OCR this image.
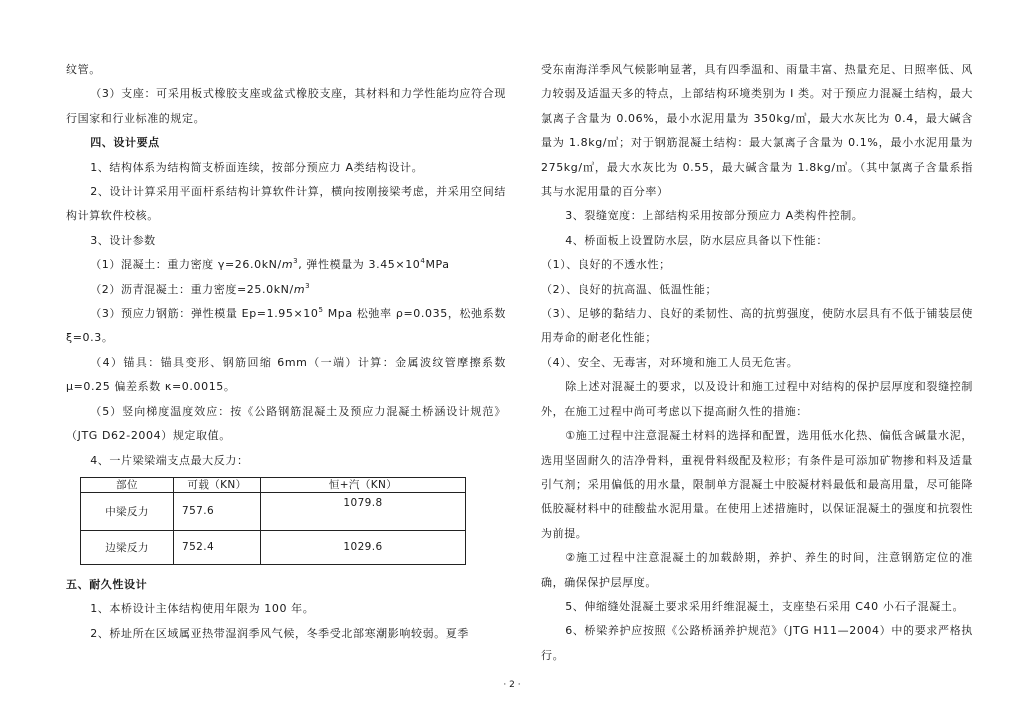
纹管。

（3）支座：可采用板式橡胶支座或盆式橡胶支座，其材料和力学性能均应符合现行国家和行业标准的规定。

四、设计要点

1、结构体系为结构简支桥面连续，按部分预应力 A类结构设计。

2、设计计算采用平面杆系结构计算软件计算，横向按刚接梁考虑，并采用空间结构计算软件校核。

3、设计参数

（1）混凝土：重力密度 $\gamma=26.0kN/m^3$, 弹性模量为 $3.45\times 10^4MPa$

（2）沥青混凝土：重力密度$=25.0kN/m^3$

（3）预应力钢筋：弹性模量 $Ep=1.95\times 10^5$ Mpa 松弛率 ρ=0.035，松弛系数 ξ=0.3。

（4）锚具：锚具变形、钢筋回缩 6mm（一端）计算：金属波纹管摩擦系数 μ=0.25 偏差系数 κ=0.0015。

（5）竖向梯度温度效应：按《公路钢筋混凝土及预应力混凝土桥涵设计规范》（JTG D62-2004）规定取值。

4、一片梁梁端支点最大反力：

部位	可载（KN）	恒+汽（KN）
中梁反力	757.6	1079.8
边梁反力	752.4	1029.6

五、耐久性设计

1、本桥设计主体结构使用年限为 100 年。

2、桥址所在区域属亚热带湿润季风气候，冬季受北部寒潮影响较弱。夏季

受东南海洋季风气候影响显著，具有四季温和、雨量丰富、热量充足、日照率低、风力较弱及适温天多的特点，上部结构环境类别为 I 类。对于预应力混凝土结构，最大氯离子含量为 0.06%，最小水泥用量为 350kg/㎥，最大水灰比为 0.4，最大碱含量为 1.8kg/㎥；对于钢筋混凝土结构：最大氯离子含量为 0.1%，最小水泥用量为 275kg/㎥，最大水灰比为 0.55，最大碱含量为 1.8kg/㎥。（其中氯离子含量系指其与水泥用量的百分率）

3、裂缝宽度：上部结构采用按部分预应力 A类构件控制。

4、桥面板上设置防水层，防水层应具备以下性能：

（1）、良好的不透水性；

（2）、良好的抗高温、低温性能；

（3）、足够的黏结力、良好的柔韧性、高的抗剪强度，使防水层具有不低于铺装层使用寿命的耐老化性能；

（4）、安全、无毒害，对环境和施工人员无危害。

除上述对混凝土的要求，以及设计和施工过程中对结构的保护层厚度和裂缝控制外，在施工过程中尚可考虑以下提高耐久性的措施：

①施工过程中注意混凝土材料的选择和配置，选用低水化热、偏低含碱量水泥，选用坚固耐久的洁净骨料，重视骨料级配及粒形；有条件是可添加矿物掺和料及适量引气剂；采用偏低的用水量，限制单方混凝土中胶凝材料最低和最高用量，尽可能降低胶凝材料中的硅酸盐水泥用量。在使用上述措施时，以保证混凝土的强度和抗裂性为前提。

②施工过程中注意混凝土的加载龄期，养护、养生的时间，注意钢筋定位的准确，确保保护层厚度。

5、伸缩缝处混凝土要求采用纤维混凝土，支座垫石采用 C40 小石子混凝土。

6、桥梁养护应按照《公路桥涵养护规范》（JTG H11—2004）中的要求严格执行。

· 2 ·
